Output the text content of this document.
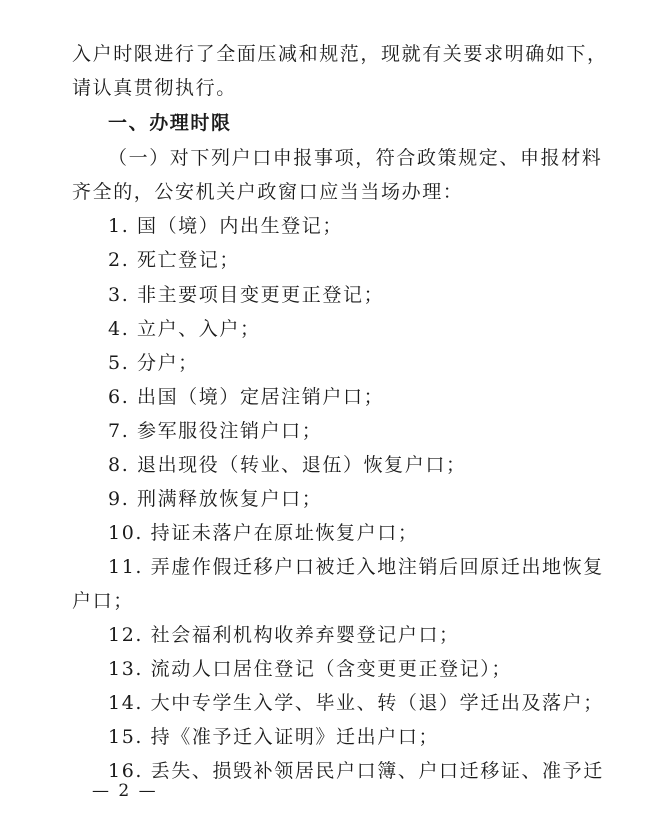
入户时限进行了全面压减和规范，现就有关要求明确如下，
请认真贯彻执行。
一、办理时限
（一）对下列户口申报事项，符合政策规定、申报材料
齐全的，公安机关户政窗口应当当场办理：
1. 国（境）内出生登记；
2. 死亡登记；
3. 非主要项目变更更正登记；
4. 立户、入户；
5. 分户；
6. 出国（境）定居注销户口；
7. 参军服役注销户口；
8. 退出现役（转业、退伍）恢复户口；
9. 刑满释放恢复户口；
10. 持证未落户在原址恢复户口；
11. 弄虚作假迁移户口被迁入地注销后回原迁出地恢复
户口；
12. 社会福利机构收养弃婴登记户口；
13. 流动人口居住登记（含变更更正登记）；
14. 大中专学生入学、毕业、转（退）学迁出及落户；
15. 持《准予迁入证明》迁出户口；
16. 丢失、损毁补领居民户口簿、户口迁移证、准予迁
— 2 —
